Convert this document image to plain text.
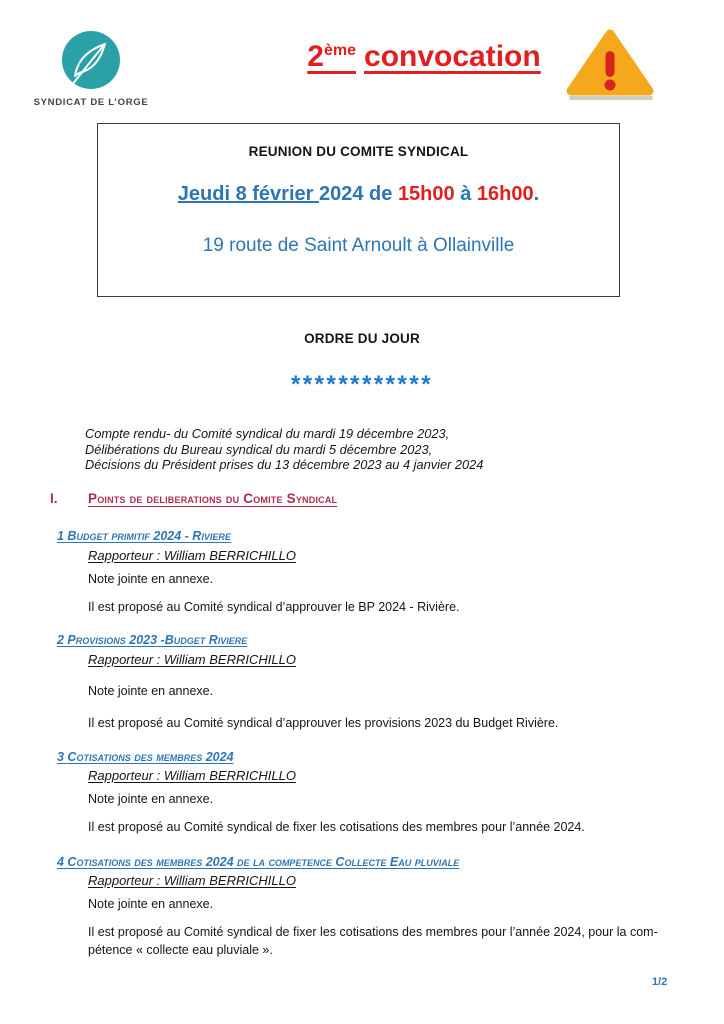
SYNDICAT DE L’ORGE
2ème convocation
REUNION DU COMITE SYNDICAL
Jeudi 8 février 2024 de 15h00 à 16h00.
19 route de Saint Arnoult à Ollainville
ORDRE DU JOUR
************
Compte rendu- du Comité syndical du mardi 19 décembre 2023,
Délibérations du Bureau syndical du mardi 5 décembre 2023,
Décisions du Président prises du 13 décembre 2023 au 4 janvier 2024
I. Points de deliberations du Comite Syndical
1 Budget primitif 2024 - Riviere
Rapporteur : William BERRICHILLO
Note jointe en annexe.
Il est proposé au Comité syndical d’approuver le BP 2024 - Rivière.
2 Provisions 2023 -Budget Riviere
Rapporteur : William BERRICHILLO
Note jointe en annexe.
Il est proposé au Comité syndical d’approuver les provisions 2023 du Budget Rivière.
3 Cotisations des membres 2024
Rapporteur : William BERRICHILLO
Note jointe en annexe.
Il est proposé au Comité syndical de fixer les cotisations des membres pour l’année 2024.
4 Cotisations des membres 2024 de la competence Collecte Eau pluviale
Rapporteur : William BERRICHILLO
Note jointe en annexe.
Il est proposé au Comité syndical de fixer les cotisations des membres pour l’année 2024, pour la com-
pétence « collecte eau pluviale ».
1/2
